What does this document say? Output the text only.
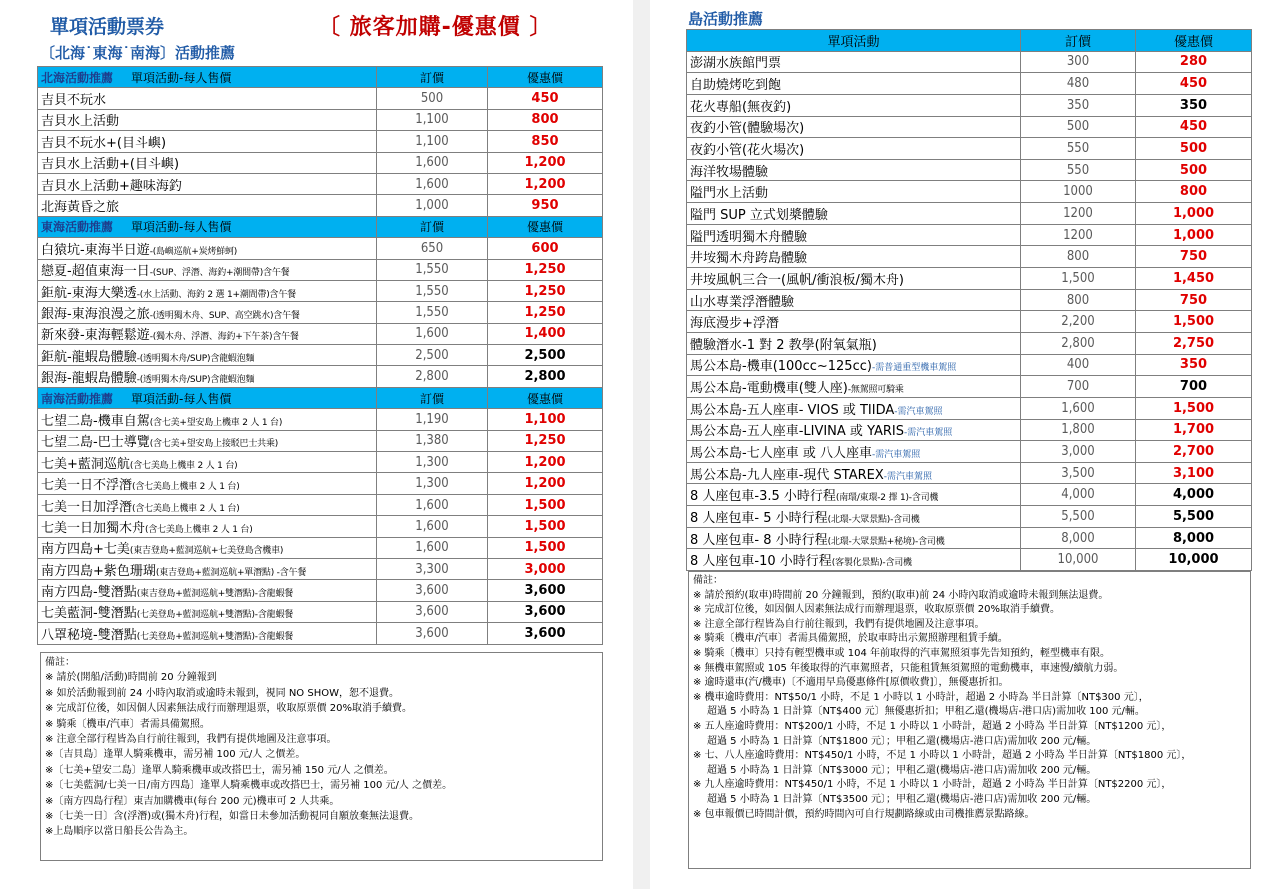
單項活動票券	〔 旅客加購-優惠價 〕
〔北海˙東海˙南海〕活動推薦
北海活動推薦 單項活動-每人售價	訂價	優惠價
吉貝不玩水	500	450
吉貝水上活動	1,100	800
吉貝不玩水+(目斗嶼)	1,100	850
吉貝水上活動+(目斗嶼)	1,600	1,200
吉貝水上活動+趣味海釣	1,600	1,200
北海黃昏之旅	1,000	950
東海活動推薦 單項活動-每人售價	訂價	優惠價
白猿坑-東海半日遊-(島嶼巡航+炭烤鮮蚵)	650	600
戀夏-超值東海一日-(SUP、浮潛、海釣+潮間帶)含午餐	1,550	1,250
鉅航-東海大樂透-(水上活動、海釣 2 選 1+潮間帶)含午餐	1,550	1,250
銀海-東海浪漫之旅-(透明獨木舟、SUP、高空跳水)含午餐	1,550	1,250
新來發-東海輕鬆遊-(獨木舟、浮潛、海釣+下午茶)含午餐	1,600	1,400
鉅航-龍蝦島體驗-(透明獨木舟/SUP)含龍蝦泡麵	2,500	2,500
銀海-龍蝦島體驗-(透明獨木舟/SUP)含龍蝦泡麵	2,800	2,800
南海活動推薦 單項活動-每人售價	訂價	優惠價
七望二島-機車自駕(含七美+望安島上機車 2 人 1 台)	1,190	1,100
七望二島-巴士導覽(含七美+望安島上接駁巴士共乘)	1,380	1,250
七美+藍洞巡航(含七美島上機車 2 人 1 台)	1,300	1,200
七美一日不浮潛(含七美島上機車 2 人 1 台)	1,300	1,200
七美一日加浮潛(含七美島上機車 2 人 1 台)	1,600	1,500
七美一日加獨木舟(含七美島上機車 2 人 1 台)	1,600	1,500
南方四島+七美(東吉登島+藍洞巡航+七美登島含機車)	1,600	1,500
南方四島+紫色珊瑚(東吉登島+藍洞巡航+單潛點) -含午餐	3,300	3,000
南方四島-雙潛點(東吉登島+藍洞巡航+雙潛點)-含龍蝦餐	3,600	3,600
七美藍洞-雙潛點(七美登島+藍洞巡航+雙潛點)-含龍蝦餐	3,600	3,600
八罩秘境-雙潛點(七美登島+藍洞巡航+雙潛點)-含龍蝦餐	3,600	3,600
備註：
※ 請於(開船/活動)時間前 20 分鐘報到
※ 如於活動報到前 24 小時內取消或逾時未報到，視同 NO SHOW，恕不退費。
※ 完成訂位後，如因個人因素無法成行而辦理退票，收取原票價 20%取消手續費。
※ 騎乘〔機車/汽車〕者需具備駕照。
※ 注意全部行程皆為自行前往報到，我們有提供地圖及注意事項。
※〔吉貝島〕逢單人騎乘機車，需另補 100 元/人 之價差。
※〔七美+望安二島〕逢單人騎乘機車或改搭巴士，需另補 150 元/人 之價差。
※〔七美藍洞/七美一日/南方四島〕逢單人騎乘機車或改搭巴士，需另補 100 元/人 之價差。
※〔南方四島行程〕東吉加購機車(每台 200 元)機車可 2 人共乘。
※〔七美一日〕含(浮潛)或(獨木舟)行程，如當日未參加活動視同自願放棄無法退費。
※上島順序以當日船長公告為主。
島活動推薦
單項活動	訂價	優惠價
澎湖水族館門票	300	280
自助燒烤吃到飽	480	450
花火專船(無夜釣)	350	350
夜釣小管(體驗場次)	500	450
夜釣小管(花火場次)	550	500
海洋牧場體驗	550	500
隘門水上活動	1000	800
隘門 SUP 立式划槳體驗	1200	1,000
隘門透明獨木舟體驗	1200	1,000
井垵獨木舟跨島體驗	800	750
井垵風帆三合一(風帆/衝浪板/獨木舟)	1,500	1,450
山水專業浮潛體驗	800	750
海底漫步+浮潛	2,200	1,500
體驗潛水-1 對 2 教學(附氧氣瓶)	2,800	2,750
馬公本島-機車(100cc~125cc)-需普通重型機車駕照	400	350
馬公本島-電動機車(雙人座)-無駕照可騎乘	700	700
馬公本島-五人座車- VIOS 或 TIIDA-需汽車駕照	1,600	1,500
馬公本島-五人座車-LIVINA 或 YARIS-需汽車駕照	1,800	1,700
馬公本島-七人座車 或 八人座車-需汽車駕照	3,000	2,700
馬公本島-九人座車-現代 STAREX-需汽車駕照	3,500	3,100
8 人座包車-3.5 小時行程(南環/東環-2 擇 1)-含司機	4,000	4,000
8 人座包車- 5 小時行程(北環-大眾景點)-含司機	5,500	5,500
8 人座包車- 8 小時行程(北環-大眾景點+秘境)-含司機	8,000	8,000
8 人座包車-10 小時行程(客製化景點)-含司機	10,000	10,000
備註：
※ 請於預約(取車)時間前 20 分鐘報到，預約(取車)前 24 小時內取消或逾時未報到無法退費。
※ 完成訂位後，如因個人因素無法成行而辦理退票，收取原票價 20%取消手續費。
※ 注意全部行程皆為自行前往報到，我們有提供地圖及注意事項。
※ 騎乘〔機車/汽車〕者需具備駕照，於取車時出示駕照辦理租賃手續。
※ 騎乘〔機車〕只持有輕型機車或 104 年前取得的汽車駕照須事先告知預約，輕型機車有限。
※ 無機車駕照或 105 年後取得的汽車駕照者，只能租賃無須駕照的電動機車，車速慢/續航力弱。
※ 逾時還車(汽/機車)〔不適用早鳥優惠條件[原價收費]〕，無優惠折扣。
※ 機車逾時費用：NT$50/1 小時，不足 1 小時以 1 小時計，超過 2 小時為 半日計算〔NT$300 元〕，
超過 5 小時為 1 日計算〔NT$400 元〕無優惠折扣；甲租乙還(機場店-港口店)需加收 100 元/輛。
※ 五人座逾時費用：NT$200/1 小時，不足 1 小時以 1 小時計，超過 2 小時為 半日計算〔NT$1200 元〕，
超過 5 小時為 1 日計算〔NT$1800 元〕；甲租乙還(機場店-港口店)需加收 200 元/輛。
※ 七、八人座逾時費用：NT$450/1 小時，不足 1 小時以 1 小時計，超過 2 小時為 半日計算〔NT$1800 元〕，
超過 5 小時為 1 日計算〔NT$3000 元〕；甲租乙還(機場店-港口店)需加收 200 元/輛。
※ 九人座逾時費用：NT$450/1 小時，不足 1 小時以 1 小時計，超過 2 小時為 半日計算〔NT$2200 元〕，
超過 5 小時為 1 日計算〔NT$3500 元〕；甲租乙還(機場店-港口店)需加收 200 元/輛。
※ 包車報價已時間計價，預約時間內可自行規劃路線或由司機推薦景點路線。
